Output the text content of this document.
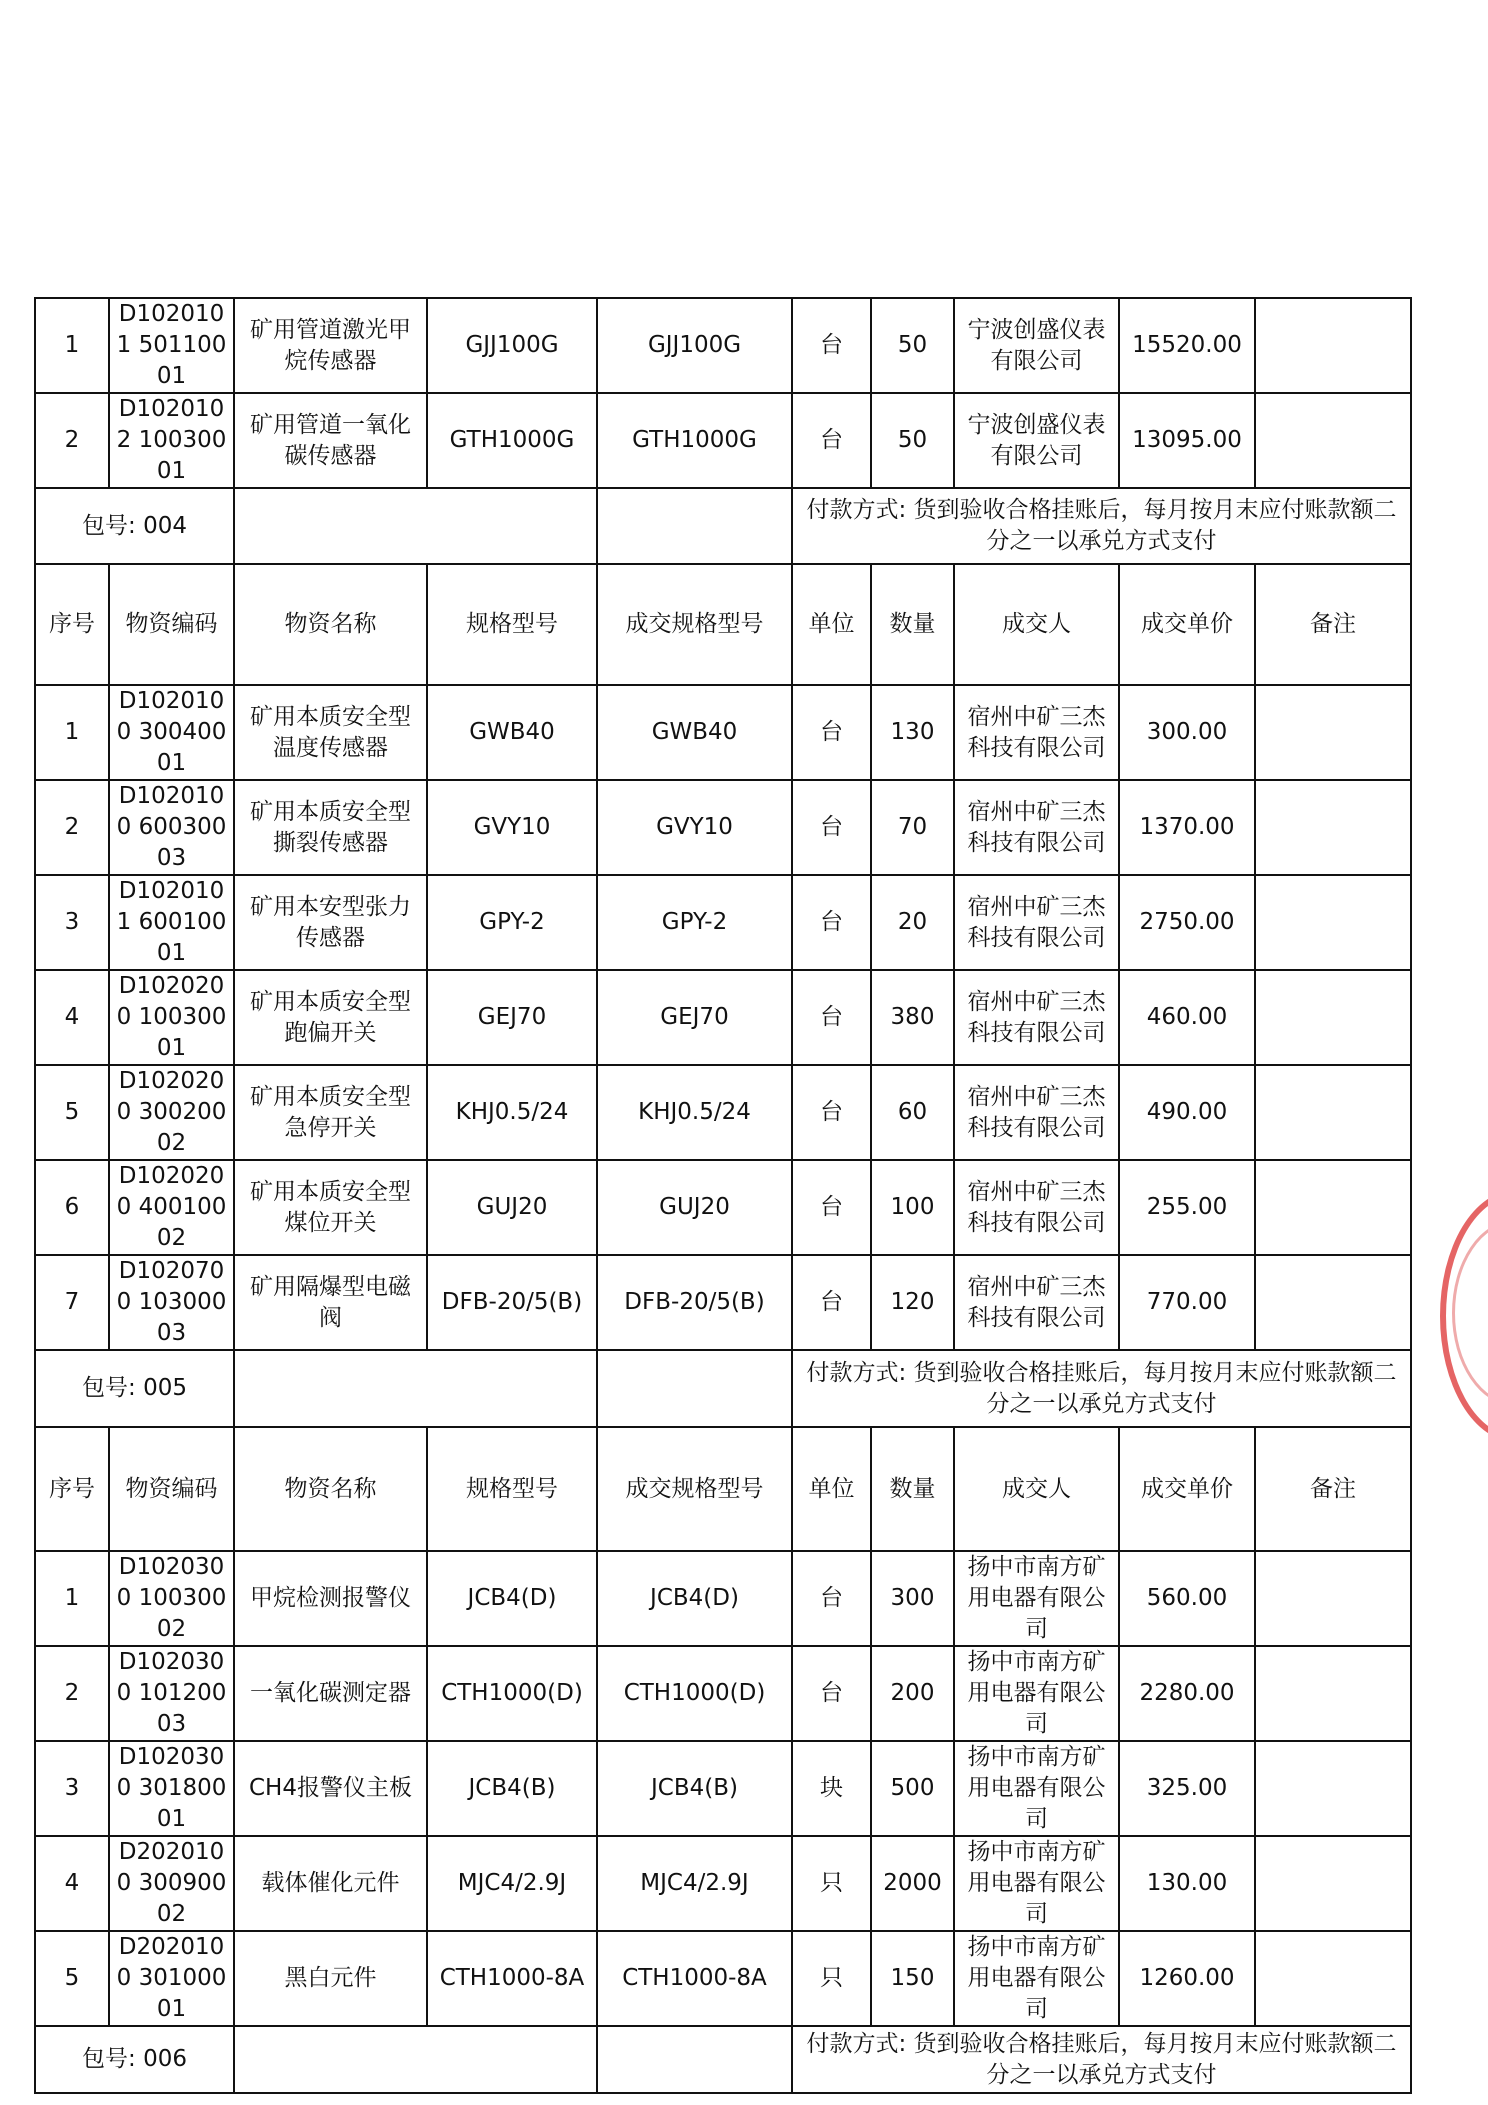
1	D1020101 50110001	矿用管道激光甲烷传感器	GJJ100G	GJJ100G	台	50	宁波创盛仪表有限公司	15520.00	
2	D1020102 10030001	矿用管道一氧化碳传感器	GTH1000G	GTH1000G	台	50	宁波创盛仪表有限公司	13095.00	
包号: 004					付款方式: 货到验收合格挂账后，每月按月末应付账款额二分之一以承兑方式支付				
序号	物资编码	物资名称	规格型号	成交规格型号	单位	数量	成交人	成交单价	备注
1	D1020100 30040001	矿用本质安全型温度传感器	GWB40	GWB40	台	130	宿州中矿三杰科技有限公司	300.00	
2	D1020100 60030003	矿用本质安全型撕裂传感器	GVY10	GVY10	台	70	宿州中矿三杰科技有限公司	1370.00	
3	D1020101 60010001	矿用本安型张力传感器	GPY-2	GPY-2	台	20	宿州中矿三杰科技有限公司	2750.00	
4	D1020200 10030001	矿用本质安全型跑偏开关	GEJ70	GEJ70	台	380	宿州中矿三杰科技有限公司	460.00	
5	D1020200 30020002	矿用本质安全型急停开关	KHJ0.5/24	KHJ0.5/24	台	60	宿州中矿三杰科技有限公司	490.00	
6	D1020200 40010002	矿用本质安全型煤位开关	GUJ20	GUJ20	台	100	宿州中矿三杰科技有限公司	255.00	
7	D1020700 10300003	矿用隔爆型电磁阀	DFB-20/5(B)	DFB-20/5(B)	台	120	宿州中矿三杰科技有限公司	770.00	
包号: 005					付款方式: 货到验收合格挂账后，每月按月末应付账款额二分之一以承兑方式支付				
序号	物资编码	物资名称	规格型号	成交规格型号	单位	数量	成交人	成交单价	备注
1	D1020300 10030002	甲烷检测报警仪	JCB4(D)	JCB4(D)	台	300	扬中市南方矿用电器有限公司	560.00	
2	D1020300 10120003	一氧化碳测定器	CTH1000(D)	CTH1000(D)	台	200	扬中市南方矿用电器有限公司	2280.00	
3	D1020300 30180001	CH4报警仪主板	JCB4(B)	JCB4(B)	块	500	扬中市南方矿用电器有限公司	325.00	
4	D2020100 30090002	载体催化元件	MJC4/2.9J	MJC4/2.9J	只	2000	扬中市南方矿用电器有限公司	130.00	
5	D2020100 30100001	黑白元件	CTH1000-8A	CTH1000-8A	只	150	扬中市南方矿用电器有限公司	1260.00	
包号: 006					付款方式: 货到验收合格挂账后，每月按月末应付账款额二分之一以承兑方式支付				
